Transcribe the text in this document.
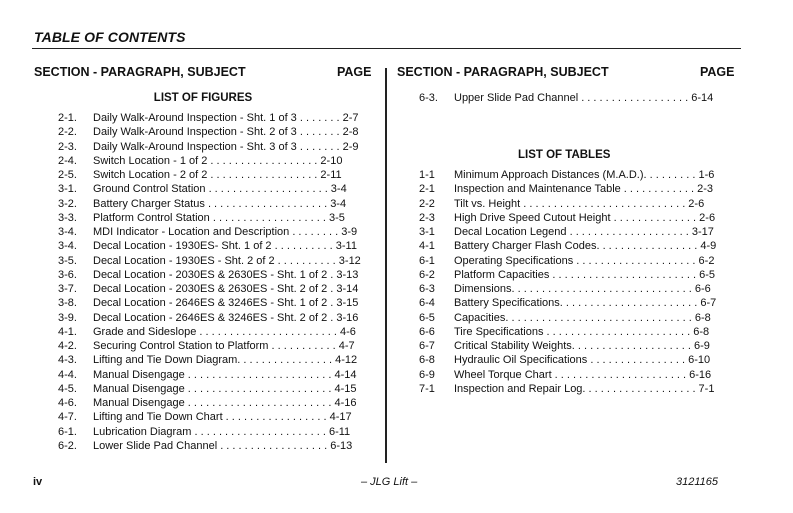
TABLE OF CONTENTS
SECTION - PARAGRAPH, SUBJECT	PAGE SECTION - PARAGRAPH, SUBJECT	PAGE
LIST OF FIGURES
LIST OF TABLES
2-1. Daily Walk-Around Inspection - Sht. 1 of 3 . . . . . . . 2-7
2-2. Daily Walk-Around Inspection - Sht. 2 of 3 . . . . . . . 2-8
2-3. Daily Walk-Around Inspection - Sht. 3 of 3 . . . . . . . 2-9
2-4. Switch Location - 1 of 2 . . . . . . . . . . . . . . . . . . 2-10
2-5. Switch Location - 2 of 2 . . . . . . . . . . . . . . . . . . 2-11
3-1. Ground Control Station . . . . . . . . . . . . . . . . . . . . 3-4
3-2. Battery Charger Status . . . . . . . . . . . . . . . . . . . . 3-4
3-3. Platform Control Station . . . . . . . . . . . . . . . . . . . 3-5
3-4. MDI Indicator - Location and Description . . . . . . . . 3-9
3-4. Decal Location - 1930ES- Sht. 1 of 2 . . . . . . . . . . 3-11
3-5. Decal Location - 1930ES - Sht. 2 of 2 . . . . . . . . . . 3-12
3-6. Decal Location - 2030ES & 2630ES - Sht. 1 of 2 . 3-13
3-7. Decal Location - 2030ES & 2630ES - Sht. 2 of 2 . 3-14
3-8. Decal Location - 2646ES & 3246ES - Sht. 1 of 2 . 3-15
3-9. Decal Location - 2646ES & 3246ES - Sht. 2 of 2 . 3-16
4-1. Grade and Sideslope . . . . . . . . . . . . . . . . . . . . . . . 4-6
4-2. Securing Control Station to Platform . . . . . . . . . . . 4-7
4-3. Lifting and Tie Down Diagram. . . . . . . . . . . . . . . . 4-12
4-4. Manual Disengage . . . . . . . . . . . . . . . . . . . . . . . . 4-14
4-5. Manual Disengage . . . . . . . . . . . . . . . . . . . . . . . . 4-15
4-6. Manual Disengage . . . . . . . . . . . . . . . . . . . . . . . . 4-16
4-7. Lifting and Tie Down Chart . . . . . . . . . . . . . . . . . 4-17
6-1. Lubrication Diagram . . . . . . . . . . . . . . . . . . . . . . 6-11
6-2. Lower Slide Pad Channel . . . . . . . . . . . . . . . . . . 6-13
6-3. Upper Slide Pad Channel . . . . . . . . . . . . . . . . . . 6-14
1-1 Minimum Approach Distances (M.A.D.). . . . . . . . . 1-6
2-1 Inspection and Maintenance Table . . . . . . . . . . . . 2-3
2-2 Tilt vs. Height . . . . . . . . . . . . . . . . . . . . . . . . . . . 2-6
2-3 High Drive Speed Cutout Height . . . . . . . . . . . . . . 2-6
3-1 Decal Location Legend . . . . . . . . . . . . . . . . . . . . 3-17
4-1 Battery Charger Flash Codes. . . . . . . . . . . . . . . . . 4-9
6-1 Operating Specifications . . . . . . . . . . . . . . . . . . . . 6-2
6-2 Platform Capacities . . . . . . . . . . . . . . . . . . . . . . . . 6-5
6-3 Dimensions. . . . . . . . . . . . . . . . . . . . . . . . . . . . . . 6-6
6-4 Battery Specifications. . . . . . . . . . . . . . . . . . . . . . . 6-7
6-5 Capacities. . . . . . . . . . . . . . . . . . . . . . . . . . . . . . . 6-8
6-6 Tire Specifications . . . . . . . . . . . . . . . . . . . . . . . . 6-8
6-7 Critical Stability Weights. . . . . . . . . . . . . . . . . . . . 6-9
6-8 Hydraulic Oil Specifications . . . . . . . . . . . . . . . . 6-10
6-9 Wheel Torque Chart . . . . . . . . . . . . . . . . . . . . . . 6-16
7-1 Inspection and Repair Log. . . . . . . . . . . . . . . . . . . 7-1
iv	– JLG Lift –	3121165
